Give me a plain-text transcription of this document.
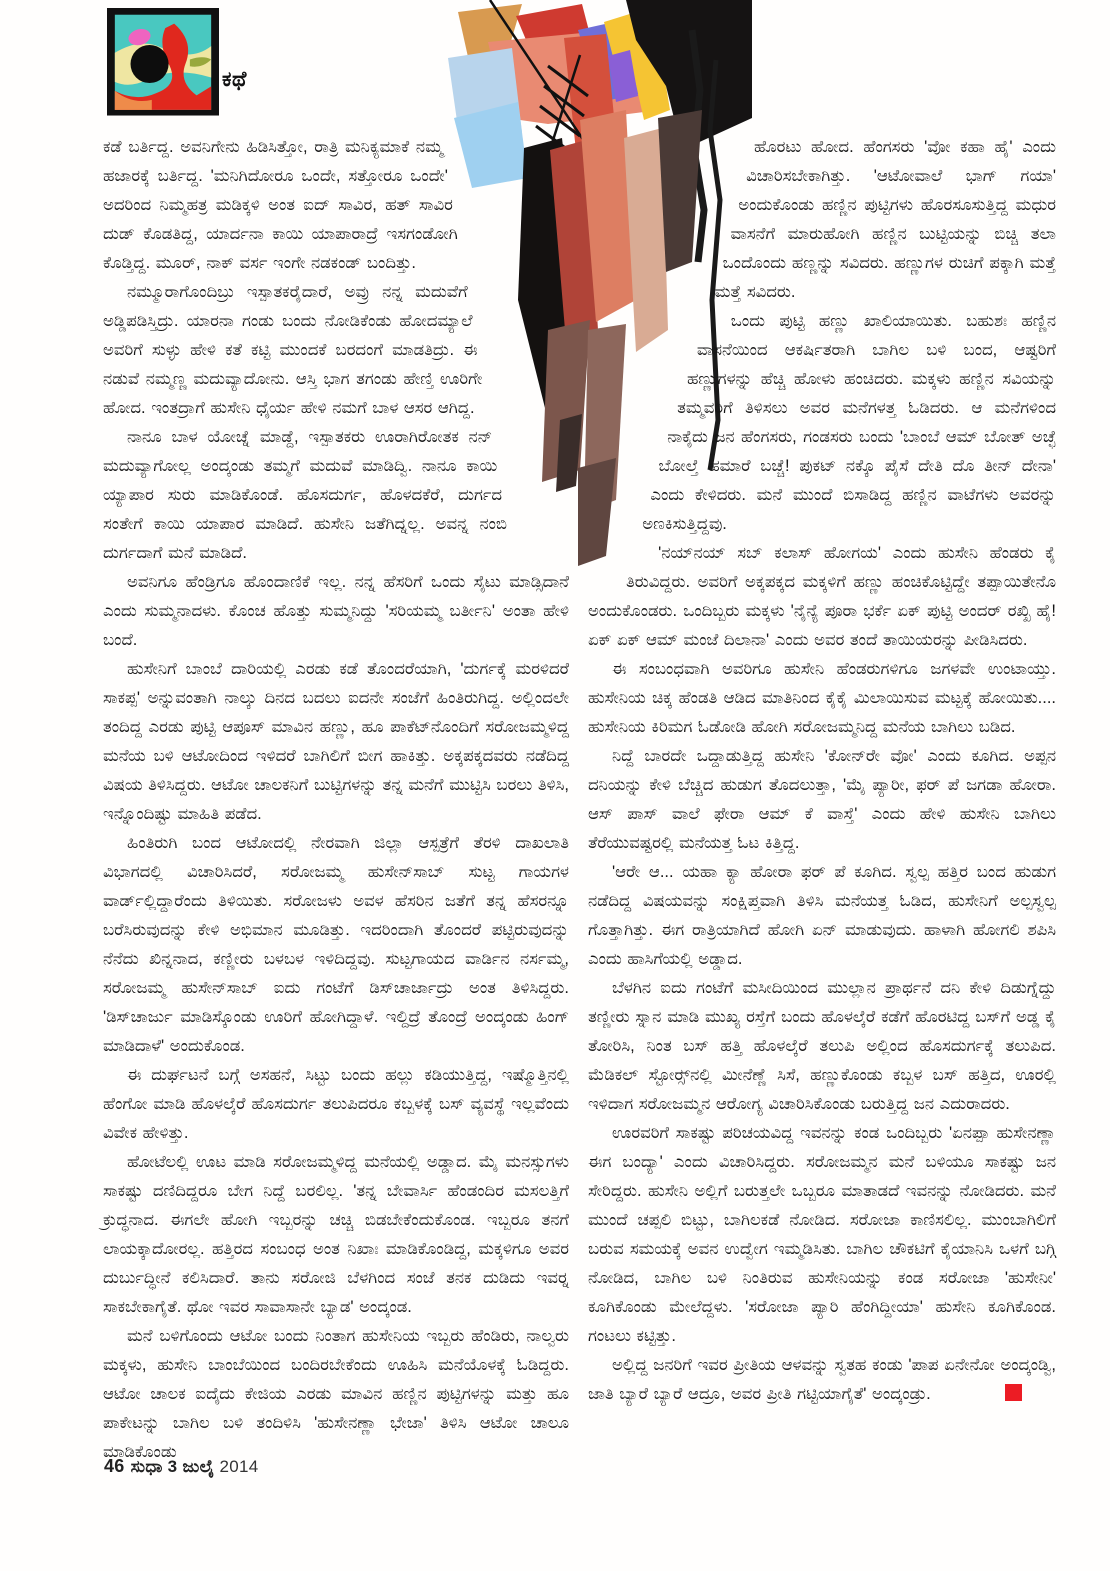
ಕಥೆ

ಕಡೆ ಬರ್ತಿದ್ದ. ಅವನಿಗೇನು ಹಿಡಿಸಿತ್ತೋ, ರಾತ್ರಿ ಮನಿಕ್ಯಮಾಕೆ ನಮ್ಮ ಹಜಾರಕ್ಕೆ ಬರ್ತಿದ್ದ. 'ಮನಿಗಿದೋರೂ ಒಂದೇ, ಸತ್ತೋರೂ ಒಂದೇ' ಅದರಿಂದ ನಿಮ್ಮಹತ್ರ ಮಡಿಕ್ಕಳಿ ಅಂತ ಐದ್ ಸಾವಿರ, ಹತ್ ಸಾವಿರ ದುಡ್ ಕೊಡತಿದ್ದ, ಯಾರ್ದನಾ ಕಾಯಿ ಯಾಪಾರಾದ್ರೆ ಇಸಗಂಡೋಗಿ ಕೊಡ್ತಿದ್ದ. ಮೂರ್, ನಾಕ್ ವರ್ಸ ಇಂಗೇ ನಡಕಂಡ್ ಬಂದಿತ್ತು.

ನಮ್ಮೂರಾಗೊಂದಿಬ್ರು ಇಸ್ಪಾತಕರೈದಾರೆ, ಅವ್ರು ನನ್ನ ಮದುವೆಗೆ ಅಡ್ಡಿಪಡಿಸ್ತಿದ್ರು. ಯಾರನಾ ಗಂಡು ಬಂದು ನೋಡಿಕೆಂಡು ಹೋದಮ್ಯಾಲೆ ಅವರಿಗೆ ಸುಳ್ಳು ಹೇಳಿ ಕತೆ ಕಟ್ಟಿ ಮುಂದಕೆ ಬರದಂಗೆ ಮಾಡತಿದ್ರು. ಈ ನಡುವೆ ನಮ್ಮಣ್ಣ ಮದುವ್ಯಾದೋನು. ಆಸ್ತಿ ಭಾಗ ತಗಂಡು ಹೇಣ್ತಿ ಊರಿಗೇ ಹೋದ. ಇಂತದ್ರಾಗೆ ಹುಸೇನಿ ಧೈರ್ಯ ಹೇಳಿ ನಮಗೆ ಬಾಳ ಆಸರ ಆಗಿದ್ದ.

ನಾನೂ ಬಾಳ ಯೋಚ್ನೆ ಮಾಡ್ದೆ, ಇಸ್ಪಾತಕರು ಊರಾಗಿರೋತಕ ನನ್ ಮದುವ್ಯಾಗೋಲ್ಲ ಅಂದ್ಕಂಡು ತಮ್ಮಗೆ ಮದುವೆ ಮಾಡಿದ್ವಿ. ನಾನೂ ಕಾಯಿ ಯ್ಯಾಪಾರ ಸುರು ಮಾಡಿಕೊಂಡೆ. ಹೊಸದುರ್ಗ, ಹೊಳದಕೆರೆ, ದುರ್ಗದ ಸಂತೇಗೆ ಕಾಯಿ ಯಾಪಾರ ಮಾಡಿದೆ. ಹುಸೇನಿ ಜತೆಗಿದ್ನಲ್ಲ. ಅವನ್ನ ನಂಬಿ ದುರ್ಗದಾಗೆ ಮನೆ ಮಾಡಿದೆ.

ಅವನಿಗೂ ಹೆಂಡ್ರಿಗೂ ಹೊಂದಾಣಿಕೆ ಇಲ್ಲ. ನನ್ನ ಹೆಸರಿಗೆ ಒಂದು ಸೈಟು ಮಾಡ್ಸಿದಾನೆ ಎಂದು ಸುಮ್ಮನಾದಳು. ಕೊಂಚ ಹೊತ್ತು ಸುಮ್ಮನಿದ್ದು 'ಸರಿಯಮ್ಮ ಬರ್ತೀನಿ' ಅಂತಾ ಹೇಳಿ ಬಂದೆ.

ಹುಸೇನಿಗೆ ಬಾಂಬೆ ದಾರಿಯಲ್ಲಿ ಎರಡು ಕಡೆ ತೊಂದರೆಯಾಗಿ, 'ದುರ್ಗಕ್ಕೆ ಮರಳಿದರೆ ಸಾಕಪ್ಪ' ಅನ್ನುವಂತಾಗಿ ನಾಲ್ಕು ದಿನದ ಬದಲು ಐದನೇ ಸಂಜೆಗೆ ಹಿಂತಿರುಗಿದ್ದ. ಅಲ್ಲಿಂದಲೇ ತಂದಿದ್ದ ಎರಡು ಪುಟ್ಟಿ ಆಪೂಸ್ ಮಾವಿನ ಹಣ್ಣು, ಹೂ ಪಾಕೆಟ್‌ನೊಂದಿಗೆ ಸರೋಜಮ್ಮಳಿದ್ದ ಮನೆಯ ಬಳಿ ಆಟೋದಿಂದ ಇಳಿದರೆ ಬಾಗಿಲಿಗೆ ಬೀಗ ಹಾಕಿತ್ತು. ಅಕ್ಕಪಕ್ಕದವರು ನಡೆದಿದ್ದ ವಿಷಯ ತಿಳಿಸಿದ್ದರು. ಆಟೋ ಚಾಲಕನಿಗೆ ಬುಟ್ಟಿಗಳನ್ನು ತನ್ನ ಮನೆಗೆ ಮುಟ್ಟಿಸಿ ಬರಲು ತಿಳಿಸಿ, ಇನ್ನೊಂದಿಷ್ಟು ಮಾಹಿತಿ ಪಡೆದ.

ಹಿಂತಿರುಗಿ ಬಂದ ಆಟೋದಲ್ಲಿ ನೇರವಾಗಿ ಜಿಲ್ಲಾ ಆಸ್ಪತ್ರೆಗೆ ತೆರಳಿ ದಾಖಲಾತಿ ವಿಭಾಗದಲ್ಲಿ ವಿಚಾರಿಸಿದರೆ, ಸರೋಜಮ್ಮ ಹುಸೇನ್‌ಸಾಬ್ ಸುಟ್ಟ ಗಾಯಗಳ ವಾರ್ಡ್‌ಲ್ಲಿದ್ದಾರೆಂದು ತಿಳಿಯಿತು. ಸರೋಜಳು ಅವಳ ಹೆಸರಿನ ಜತೆಗೆ ತನ್ನ ಹೆಸರನ್ನೂ ಬರೆಸಿರುವುದನ್ನು ಕೇಳಿ ಅಭಿಮಾನ ಮೂಡಿತ್ತು. ಇದರಿಂದಾಗಿ ತೊಂದರೆ ಪಟ್ಟಿರುವುದನ್ನು ನೆನೆದು ಖಿನ್ನನಾದ, ಕಣ್ಣೀರು ಬಳಬಳ ಇಳಿದಿದ್ದವು. ಸುಟ್ಟಗಾಯದ ವಾರ್ಡಿನ ನರ್ಸಮ್ಮ, ಸರೋಜಮ್ಮ ಹುಸೇನ್‌ಸಾಬ್ ಐದು ಗಂಟೆಗೆ ಡಿಸ್‌ಚಾರ್ಜಾದ್ರು ಅಂತ ತಿಳಿಸಿದ್ದರು. 'ಡಿಸ್‌ಚಾರ್ಜು ಮಾಡಿಸ್ಕೊಂಡು ಊರಿಗೆ ಹೋಗಿದ್ದಾಳೆ. ಇಲ್ದಿದ್ರೆ ತೊಂದ್ರೆ ಅಂದ್ಕಂಡು ಹಿಂಗ್ ಮಾಡಿದಾಳೆ' ಅಂದುಕೊಂಡ.

ಈ ದುರ್ಘಟನೆ ಬಗ್ಗೆ ಅಸಹನೆ, ಸಿಟ್ಟು ಬಂದು ಹಲ್ಲು ಕಡಿಯುತ್ತಿದ್ದ, ಇಷ್ಮೊತ್ತಿನಲ್ಲಿ ಹೆಂಗೋ ಮಾಡಿ ಹೊಳಲ್ಕೆರೆ ಹೊಸದುರ್ಗ ತಲುಪಿದರೂ ಕಬ್ಬಳಕ್ಕೆ ಬಸ್ ವ್ಯವಸ್ಥೆ ಇಲ್ಲವೆಂದು ವಿವೇಕ ಹೇಳಿತ್ತು.

ಹೋಟೆಲಲ್ಲಿ ಊಟ ಮಾಡಿ ಸರೋಜಮ್ಮಳಿದ್ದ ಮನೆಯಲ್ಲಿ ಅಡ್ಡಾದ. ಮೈ ಮನಸ್ಸುಗಳು ಸಾಕಷ್ಟು ದಣಿದಿದ್ದರೂ ಬೇಗ ನಿದ್ದೆ ಬರಲಿಲ್ಲ. 'ತನ್ನ ಬೇವಾರ್ಸಿ ಹೆಂಡಂದಿರ ಮಸಲತ್ತಿಗೆ ಕ್ರುದ್ಧನಾದ. ಈಗಲೇ ಹೋಗಿ ಇಬ್ಬರನ್ನು ಚಚ್ಚಿ ಬಿಡಬೇಕೆಂದುಕೊಂಡ. ಇಬ್ಬರೂ ತನಗೆ ಲಾಯಕ್ಕಾದೋರಲ್ಲ. ಹತ್ತಿರದ ಸಂಬಂಧ ಅಂತ ನಿಖಾಃ ಮಾಡಿಕೊಂಡಿದ್ದ, ಮಕ್ಕಳಿಗೂ ಅವರ ದುರ್ಬುದ್ಧೀನೆ ಕಲಿಸಿದಾರೆ. ತಾನು ಸರೋಜಿ ಬೆಳಗಿಂದ ಸಂಜೆ ತನಕ ದುಡಿದು ಇವರ‍್ನ ಸಾಕಬೇಕಾಗೈತೆ. ಥೋ ಇವರ ಸಾವಾಸಾನೇ ಬ್ಯಾಡ' ಅಂದ್ಕಂಡ.

ಮನೆ ಬಳಿಗೊಂದು ಆಟೋ ಬಂದು ನಿಂತಾಗ ಹುಸೇನಿಯ ಇಬ್ಬರು ಹೆಂಡಿರು, ನಾಲ್ವರು ಮಕ್ಕಳು, ಹುಸೇನಿ ಬಾಂಬೆಯಿಂದ ಬಂದಿರಬೇಕೆಂದು ಊಹಿಸಿ ಮನೆಯೊಳಕ್ಕೆ ಓಡಿದ್ದರು. ಆಟೋ ಚಾಲಕ ಐದೈದು ಕೇಜಿಯ ಎರಡು ಮಾವಿನ ಹಣ್ಣಿನ ಪುಟ್ಟಿಗಳನ್ನು ಮತ್ತು ಹೂ ಪಾಕೇಟನ್ನು ಬಾಗಿಲ ಬಳಿ ತಂದಿಳಿಸಿ 'ಹುಸೇನಣ್ಣಾ ಭೇಜಾ' ತಿಳಿಸಿ ಆಟೋ ಚಾಲೂ ಮಾಡಿಕೊಂಡು

ಹೊರಟು ಹೋದ. ಹೆಂಗಸರು 'ವೋ ಕಹಾ ಹೈ' ಎಂದು ವಿಚಾರಿಸಬೇಕಾಗಿತ್ತು. 'ಆಟೋವಾಲೆ ಭಾಗ್ ಗಯಾ' ಅಂದುಕೊಂಡು ಹಣ್ಣಿನ ಪುಟ್ಟಿಗಳು ಹೊರಸೂಸುತ್ತಿದ್ದ ಮಧುರ ವಾಸನೆಗೆ ಮಾರುಹೋಗಿ ಹಣ್ಣಿನ ಬುಟ್ಟಿಯನ್ನು ಬಿಚ್ಚಿ ತಲಾ ಒಂದೊಂದು ಹಣ್ಣನ್ನು ಸವಿದರು. ಹಣ್ಣುಗಳ ರುಚಿಗೆ ಪಕ್ಕಾಗಿ ಮತ್ತೆ ಮತ್ತೆ ಸವಿದರು.

ಒಂದು ಪುಟ್ಟಿ ಹಣ್ಣು ಖಾಲಿಯಾಯಿತು. ಬಹುಶಃ ಹಣ್ಣಿನ ವಾಸನೆಯಿಂದ ಆಕರ್ಷಿತರಾಗಿ ಬಾಗಿಲ ಬಳಿ ಬಂದ, ಆಷ್ಟರಿಗೆ ಹಣ್ಣುಗಳನ್ನು ಹೆಚ್ಚಿ ಹೋಳು ಹಂಚಿದರು. ಮಕ್ಕಳು ಹಣ್ಣಿನ ಸವಿಯನ್ನು ತಮ್ಮವರಿಗೆ ತಿಳಿಸಲು ಅವರ ಮನೆಗಳತ್ತ ಓಡಿದರು. ಆ ಮನೆಗಳಿಂದ ನಾಕೈದು ಜನ ಹೆಂಗಸರು, ಗಂಡಸರು ಬಂದು 'ಬಾಂಬೆ ಆಮ್ ಬೋತ್ ಅಚ್ಛೆ ಬೋಲ್ತೆ ಹಮಾರೆ ಬಚ್ಚೆ! ಪುಕಟ್ ನಕ್ಕೊ ಪೈಸೆ ದೇತಿ ದೊ ತೀನ್ ದೇನಾ' ಎಂದು ಕೇಳಿದರು. ಮನೆ ಮುಂದೆ ಬಿಸಾಡಿದ್ದ ಹಣ್ಣಿನ ವಾಟೆಗಳು ಅವರನ್ನು ಅಣಕಿಸುತ್ತಿದ್ದವು.

'ನಯ್‌ನಯ್ ಸಬ್ ಕಲಾಸ್ ಹೋಗಯ' ಎಂದು ಹುಸೇನಿ ಹೆಂಡರು ಕೈ ತಿರುವಿದ್ದರು. ಅವರಿಗೆ ಅಕ್ಕಪಕ್ಕದ ಮಕ್ಕಳಿಗೆ ಹಣ್ಣು ಹಂಚಿಕೊಟ್ಟಿದ್ದೇ ತಪ್ಪಾಯಿತೇನೊ ಅಂದುಕೊಂಡರು. ಒಂದಿಬ್ಬರು ಮಕ್ಕಳು 'ನೈನ್ಯೆ ಪೂರಾ ಭರ್ಕೆ ಏಕ್ ಪುಟ್ಟಿ ಅಂದರ್ ರಖ್ಖಿ ಹೈ! ಏಕ್ ಏಕ್ ಆಮ್ ಮಂಜೆ ದಿಲಾನಾ' ಎಂದು ಅವರ ತಂದೆ ತಾಯಿಯರನ್ನು ಪೀಡಿಸಿದರು.

ಈ ಸಂಬಂಧವಾಗಿ ಅವರಿಗೂ ಹುಸೇನಿ ಹೆಂಡರುಗಳಿಗೂ ಜಗಳವೇ ಉಂಟಾಯ್ತು. ಹುಸೇನಿಯ ಚಿಕ್ಕ ಹೆಂಡತಿ ಆಡಿದ ಮಾತಿನಿಂದ ಕೈಕೈ ಮಿಲಾಯಿಸುವ ಮಟ್ಟಕ್ಕೆ ಹೋಯಿತು.... ಹುಸೇನಿಯ ಕಿರಿಮಗ ಓಡೋಡಿ ಹೋಗಿ ಸರೋಜಮ್ಮನಿದ್ದ ಮನೆಯ ಬಾಗಿಲು ಬಡಿದ.

ನಿದ್ದೆ ಬಾರದೇ ಒದ್ದಾಡುತ್ತಿದ್ದ ಹುಸೇನಿ 'ಕೋನ್‌ರೇ ವೋ' ಎಂದು ಕೂಗಿದ. ಅಪ್ಪನ ದನಿಯನ್ನು ಕೇಳಿ ಬೆಚ್ಚಿದ ಹುಡುಗ ತೊದಲುತ್ತಾ, 'ಮೈ ಪ್ಯಾರೀ, ಫರ್ ಪೆ ಜಗಡಾ ಹೋರಾ. ಆಸ್ ಪಾಸ್ ವಾಲೆ ಫೇರಾ ಆಮ್ ಕೆ ವಾಸ್ತೆ' ಎಂದು ಹೇಳಿ ಹುಸೇನಿ ಬಾಗಿಲು ತೆರೆಯುವಷ್ಟರಲ್ಲಿ ಮನೆಯತ್ತ ಓಟ ಕಿತ್ತಿದ್ದ.

'ಆರೇ ಆ... ಯಹಾ ಕ್ಯಾ ಹೋರಾ ಫರ್ ಪೆ ಕೂಗಿದ. ಸ್ವಲ್ಪ ಹತ್ತಿರ ಬಂದ ಹುಡುಗ ನಡೆದಿದ್ದ ವಿಷಯವನ್ನು ಸಂಕ್ಷಿಪ್ತವಾಗಿ ತಿಳಿಸಿ ಮನೆಯತ್ತ ಓಡಿದ, ಹುಸೇನಿಗೆ ಅಲ್ಪಸ್ವಲ್ಪ ಗೊತ್ತಾಗಿತ್ತು. ಈಗ ರಾತ್ರಿಯಾಗಿದೆ ಹೋಗಿ ಏನ್ ಮಾಡುವುದು. ಹಾಳಾಗಿ ಹೋಗಲಿ ಶಪಿಸಿ ಎಂದು ಹಾಸಿಗೆಯಲ್ಲಿ ಅಡ್ಡಾದ.

ಬೆಳಗಿನ ಐದು ಗಂಟೆಗೆ ಮಸೀದಿಯಿಂದ ಮುಲ್ಲಾನ ಪ್ರಾರ್ಥನೆ ದನಿ ಕೇಳಿ ದಿಡುಗ್ನೆದ್ದು ತಣ್ಣೀರು ಸ್ನಾನ ಮಾಡಿ ಮುಖ್ಯ ರಸ್ತೆಗೆ ಬಂದು ಹೊಳಲ್ಕೆರೆ ಕಡೆಗೆ ಹೊರಟಿದ್ದ ಬಸ್‌ಗೆ ಅಡ್ಡ ಕೈ ತೋರಿಸಿ, ನಿಂತ ಬಸ್ ಹತ್ತಿ ಹೊಳಲ್ಕೆರೆ ತಲುಪಿ ಅಲ್ಲಿಂದ ಹೊಸದುರ್ಗಕ್ಕೆ ತಲುಪಿದ. ಮೆಡಿಕಲ್ ಸ್ಟೋರ‍್ಸ್‌ನಲ್ಲಿ ಮೀನೆಣ್ಣೆ ಸಿಸೆ, ಹಣ್ಣುಕೊಂಡು ಕಬ್ಬಳ ಬಸ್ ಹತ್ತಿದ, ಊರಲ್ಲಿ ಇಳಿದಾಗ ಸರೋಜಮ್ಮನ ಆರೋಗ್ಯ ವಿಚಾರಿಸಿಕೊಂಡು ಬರುತ್ತಿದ್ದ ಜನ ಎದುರಾದರು.

ಊರವರಿಗೆ ಸಾಕಷ್ಟು ಪರಿಚಯವಿದ್ದ ಇವನನ್ನು ಕಂಡ ಒಂದಿಬ್ಬರು 'ಏನಪ್ಪಾ ಹುಸೇನಣ್ಣಾ ಈಗ ಬಂದ್ಯಾ' ಎಂದು ವಿಚಾರಿಸಿದ್ದರು. ಸರೋಜಮ್ಮನ ಮನೆ ಬಳಿಯೂ ಸಾಕಷ್ಟು ಜನ ಸೇರಿದ್ದರು. ಹುಸೇನಿ ಅಲ್ಲಿಗೆ ಬರುತ್ತಲೇ ಒಬ್ಬರೂ ಮಾತಾಡದೆ ಇವನನ್ನು ನೋಡಿದರು. ಮನೆ ಮುಂದೆ ಚಪ್ಪಲಿ ಬಿಟ್ಟು, ಬಾಗಿಲಕಡೆ ನೋಡಿದ. ಸರೋಜಾ ಕಾಣಿಸಲಿಲ್ಲ. ಮುಂಬಾಗಿಲಿಗೆ ಬರುವ ಸಮಯಕ್ಕೆ ಅವನ ಉದ್ವೇಗ ಇಮ್ಮಡಿಸಿತು. ಬಾಗಿಲ ಚೌಕಟಿಗೆ ಕೈಯಾನಿಸಿ ಒಳಗೆ ಬಗ್ಗಿ ನೋಡಿದ, ಬಾಗಿಲ ಬಳಿ ನಿಂತಿರುವ ಹುಸೇನಿಯನ್ನು ಕಂಡ ಸರೋಜಾ 'ಹುಸೇನೀ' ಕೂಗಿಕೊಂಡು ಮೇಲೆದ್ದಳು. 'ಸರೋಜಾ ಪ್ಯಾರಿ ಹೆಂಗಿದ್ದೀಯಾ' ಹುಸೇನಿ ಕೂಗಿಕೊಂಡ. ಗಂಟಲು ಕಟ್ಟಿತ್ತು.

ಅಲ್ಲಿದ್ದ ಜನರಿಗೆ ಇವರ ಪ್ರೀತಿಯ ಆಳವನ್ನು ಸ್ವತಹ ಕಂಡು 'ಪಾಪ ಏನೇನೋ ಅಂದ್ಕಂಡ್ವಿ, ಜಾತಿ ಬ್ಯಾರೆ ಬ್ಯಾರೆ ಆದ್ರೂ, ಅವರ ಪ್ರೀತಿ ಗಟ್ಟಿಯಾಗೈತೆ' ಅಂದ್ಕಂಡ್ರು.

46 ಸುಧಾ 3 ಜುಲೈ 2014
